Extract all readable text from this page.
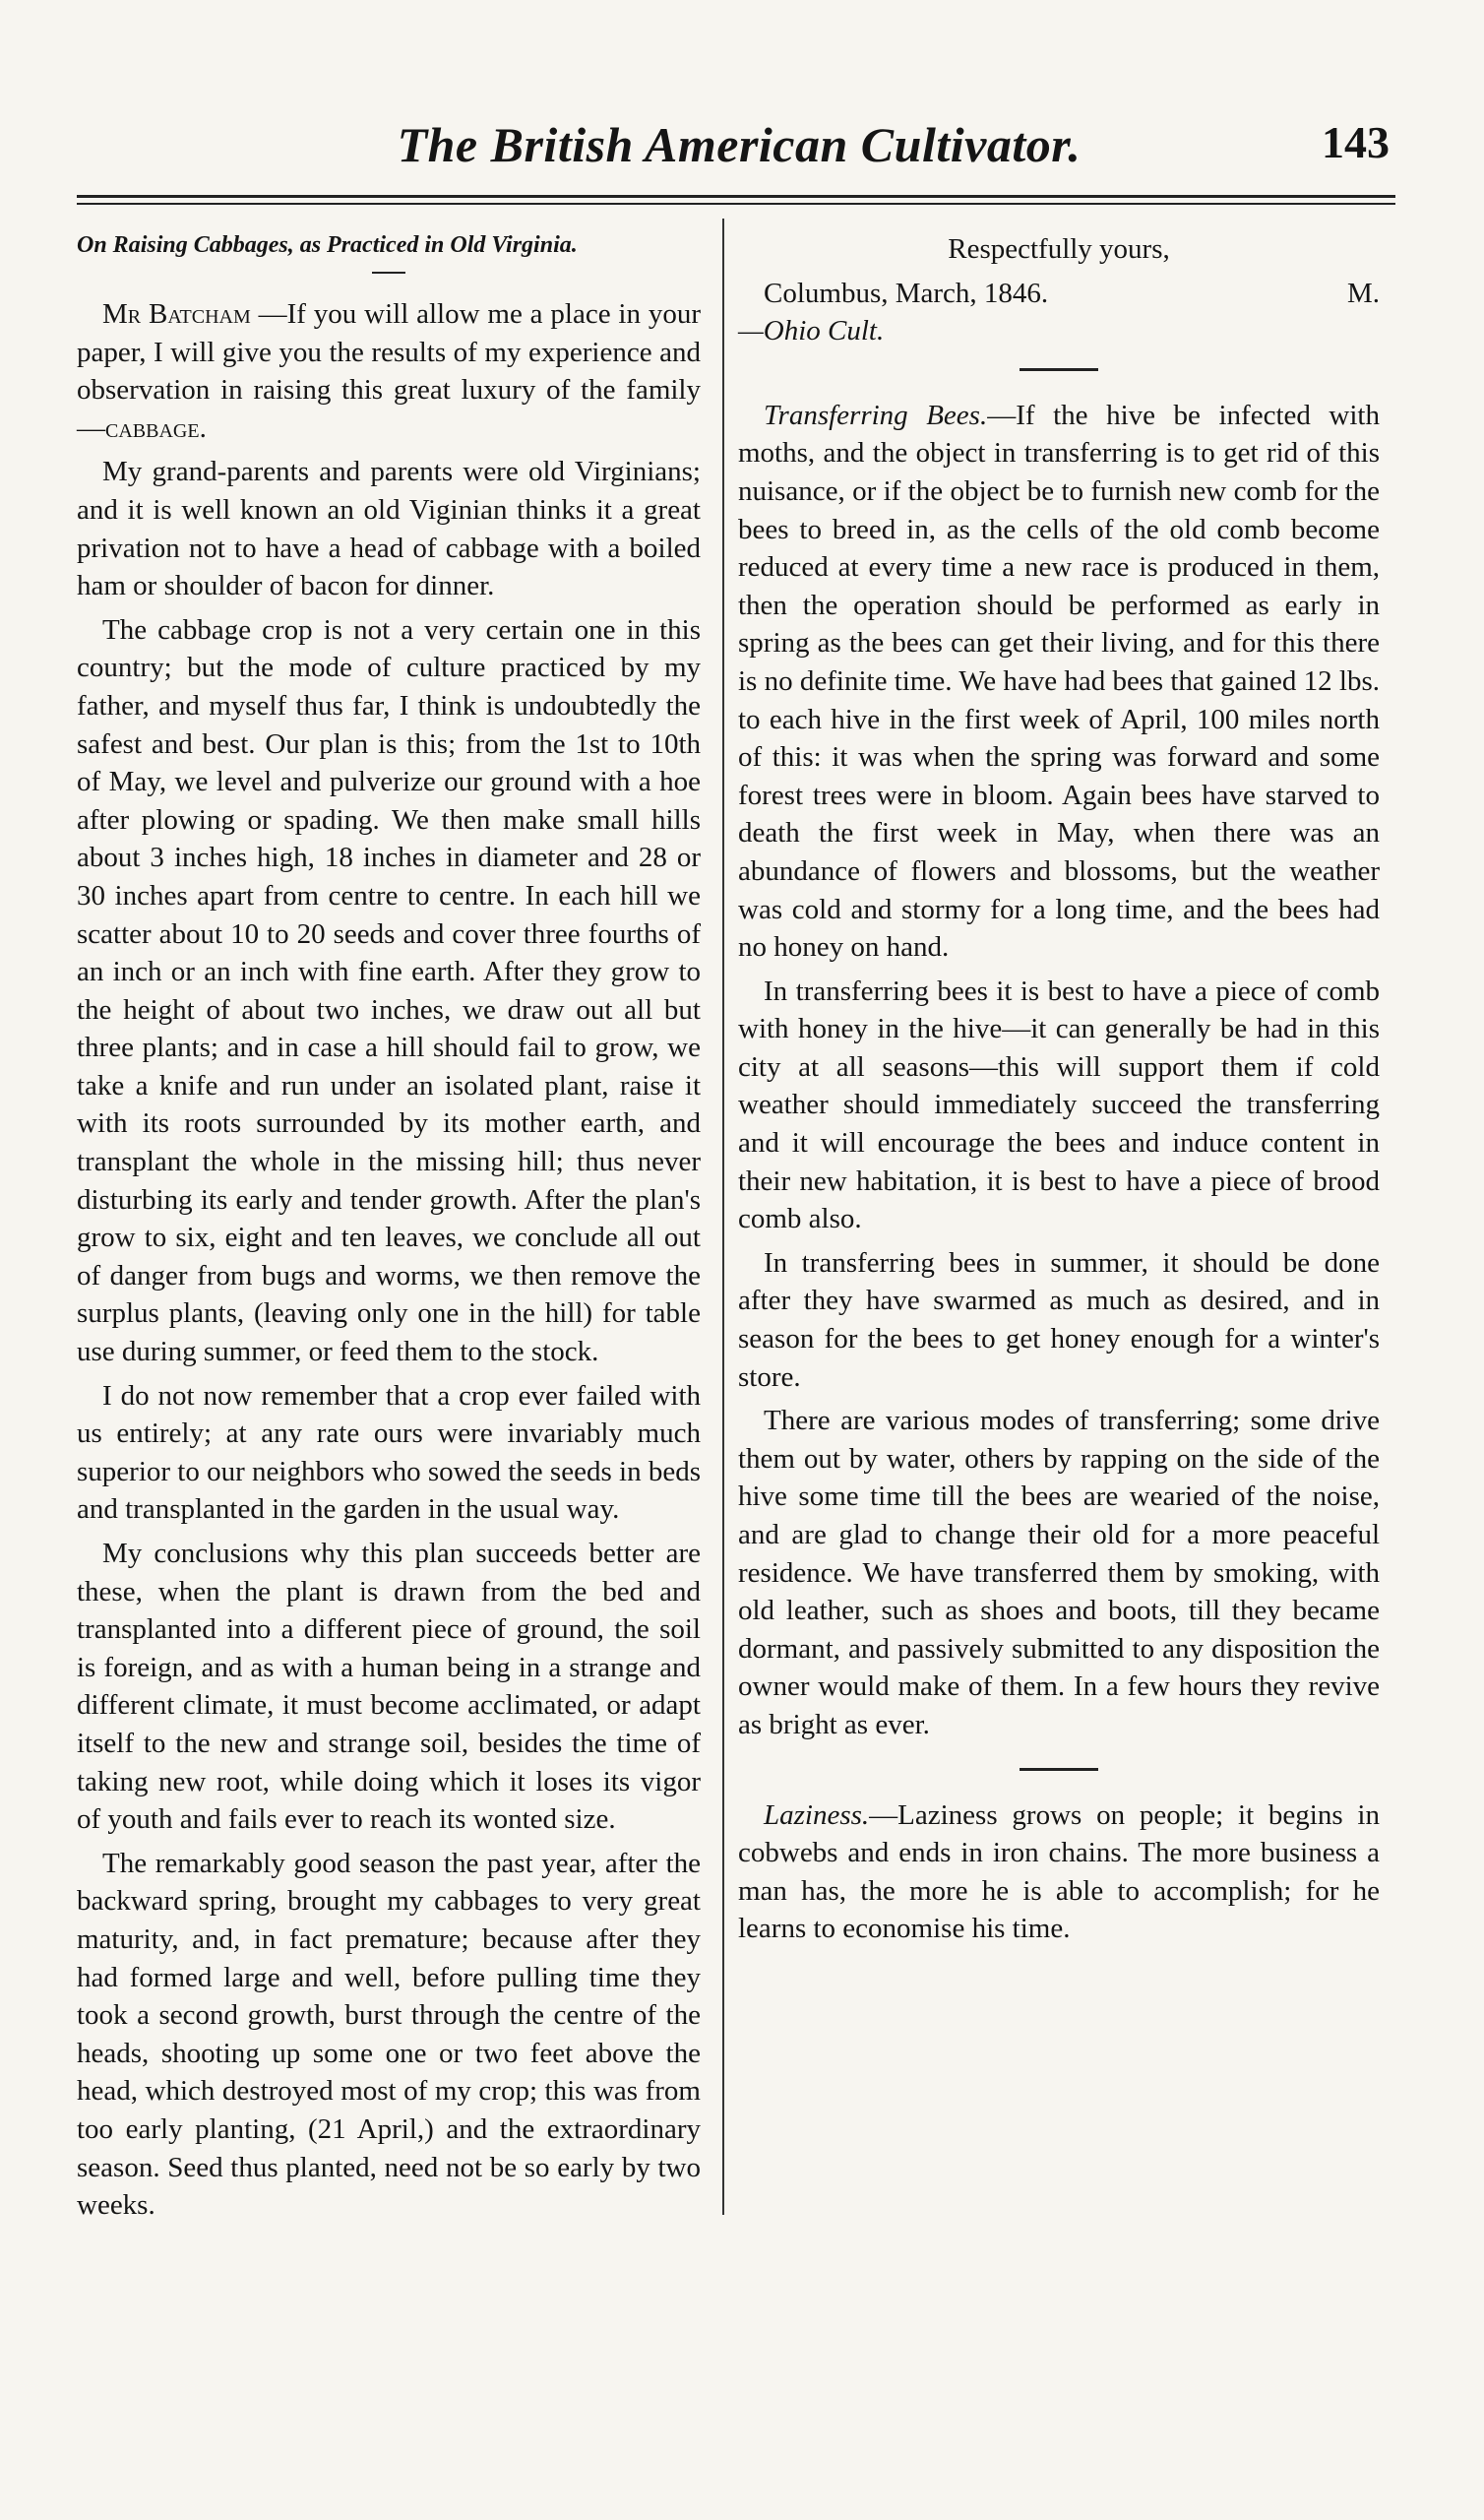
The British American Cultivator.	143
On Raising Cabbages, as Practiced in Old Virginia.

Mr Batcham —If you will allow me a place in your paper, I will give you the results of my experience and observation in raising this great luxury of the family—cabbage.

My grand-parents and parents were old Virginians; and it is well known an old Viginian thinks it a great privation not to have a head of cabbage with a boiled ham or shoulder of bacon for dinner.

The cabbage crop is not a very certain one in this country; but the mode of culture practiced by my father, and myself thus far, I think is undoubtedly the safest and best. Our plan is this; from the 1st to 10th of May, we level and pulverize our ground with a hoe after plowing or spading. We then make small hills about 3 inches high, 18 inches in diameter and 28 or 30 inches apart from centre to centre. In each hill we scatter about 10 to 20 seeds and cover three fourths of an inch or an inch with fine earth. After they grow to the height of about two inches, we draw out all but three plants; and in case a hill should fail to grow, we take a knife and run under an isolated plant, raise it with its roots surrounded by its mother earth, and transplant the whole in the missing hill; thus never disturbing its early and tender growth. After the plan's grow to six, eight and ten leaves, we conclude all out of danger from bugs and worms, we then remove the surplus plants, (leaving only one in the hill) for table use during summer, or feed them to the stock.

I do not now remember that a crop ever failed with us entirely; at any rate ours were invariably much superior to our neighbors who sowed the seeds in beds and transplanted in the garden in the usual way.

My conclusions why this plan succeeds better are these, when the plant is drawn from the bed and transplanted into a different piece of ground, the soil is foreign, and as with a human being in a strange and different climate, it must become acclimated, or adapt itself to the new and strange soil, besides the time of taking new root, while doing which it loses its vigor of youth and fails ever to reach its wonted size.

The remarkably good season the past year, after the backward spring, brought my cabbages to very great maturity, and, in fact premature; because after they had formed large and well, before pulling time they took a second growth, burst through the centre of the heads, shooting up some one or two feet above the head, which destroyed most of my crop; this was from too early planting, (21 April,) and the extraordinary season. Seed thus planted, need not be so early by two weeks.

Respectfully yours,

Columbus, March, 1846.	M.

—Ohio Cult.

Transferring Bees.—If the hive be infected with moths, and the object in transferring is to get rid of this nuisance, or if the object be to furnish new comb for the bees to breed in, as the cells of the old comb become reduced at every time a new race is produced in them, then the operation should be performed as early in spring as the bees can get their living, and for this there is no definite time. We have had bees that gained 12 lbs. to each hive in the first week of April, 100 miles north of this: it was when the spring was forward and some forest trees were in bloom. Again bees have starved to death the first week in May, when there was an abundance of flowers and blossoms, but the weather was cold and stormy for a long time, and the bees had no honey on hand.

In transferring bees it is best to have a piece of comb with honey in the hive—it can generally be had in this city at all seasons—this will support them if cold weather should immediately succeed the transferring and it will encourage the bees and induce content in their new habitation, it is best to have a piece of brood comb also.

In transferring bees in summer, it should be done after they have swarmed as much as desired, and in season for the bees to get honey enough for a winter's store.

There are various modes of transferring; some drive them out by water, others by rapping on the side of the hive some time till the bees are wearied of the noise, and are glad to change their old for a more peaceful residence. We have transferred them by smoking, with old leather, such as shoes and boots, till they became dormant, and passively submitted to any disposition the owner would make of them. In a few hours they revive as bright as ever.

Laziness.—Laziness grows on people; it begins in cobwebs and ends in iron chains. The more business a man has, the more he is able to accomplish; for he learns to economise his time.
